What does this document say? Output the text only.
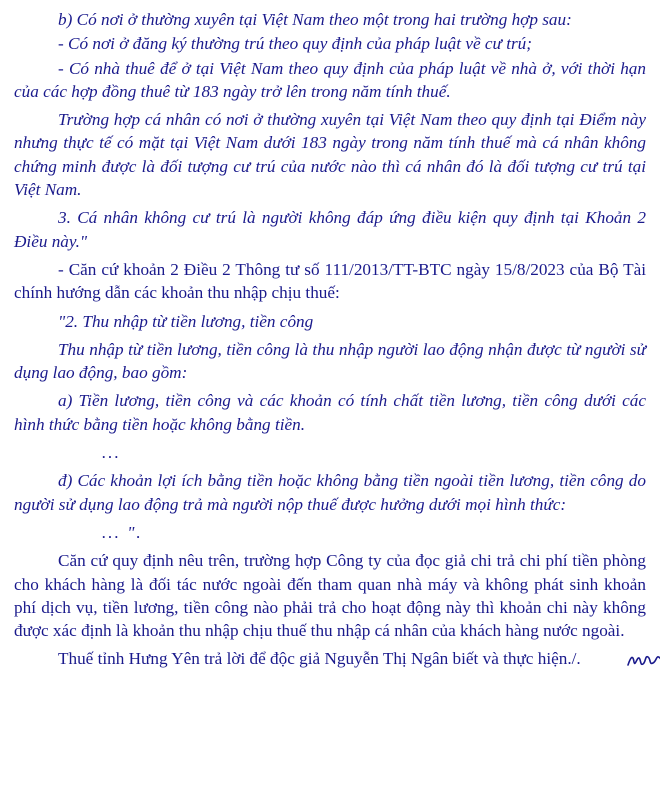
b) Có nơi ở thường xuyên tại Việt Nam theo một trong hai trường hợp sau:

- Có nơi ở đăng ký thường trú theo quy định của pháp luật về cư trú;

- Có nhà thuê để ở tại Việt Nam theo quy định của pháp luật về nhà ở, với thời hạn của các hợp đồng thuê từ 183 ngày trở lên trong năm tính thuế.

Trường hợp cá nhân có nơi ở thường xuyên tại Việt Nam theo quy định tại Điểm này nhưng thực tế có mặt tại Việt Nam dưới 183 ngày trong năm tính thuế mà cá nhân không chứng minh được là đối tượng cư trú của nước nào thì cá nhân đó là đối tượng cư trú tại Việt Nam.

3. Cá nhân không cư trú là người không đáp ứng điều kiện quy định tại Khoản 2 Điều này."

- Căn cứ khoản 2 Điều 2 Thông tư số 111/2013/TT-BTC ngày 15/8/2023 của Bộ Tài chính hướng dẫn các khoản thu nhập chịu thuế:

"2. Thu nhập từ tiền lương, tiền công

Thu nhập từ tiền lương, tiền công là thu nhập người lao động nhận được từ người sử dụng lao động, bao gồm:

a) Tiền lương, tiền công và các khoản có tính chất tiền lương, tiền công dưới các hình thức bằng tiền hoặc không bằng tiền.

...

đ) Các khoản lợi ích bằng tiền hoặc không bằng tiền ngoài tiền lương, tiền công do người sử dụng lao động trả mà người nộp thuế được hưởng dưới mọi hình thức:

... ".

Căn cứ quy định nêu trên, trường hợp Công ty của đọc giả chi trả chi phí tiền phòng cho khách hàng là đối tác nước ngoài đến tham quan nhà máy và không phát sinh khoản phí dịch vụ, tiền lương, tiền công nào phải trả cho hoạt động này thì khoản chi này không được xác định là khoản thu nhập chịu thuế thu nhập cá nhân của khách hàng nước ngoài.

Thuế tỉnh Hưng Yên trả lời để độc giả Nguyễn Thị Ngân biết và thực hiện./.
